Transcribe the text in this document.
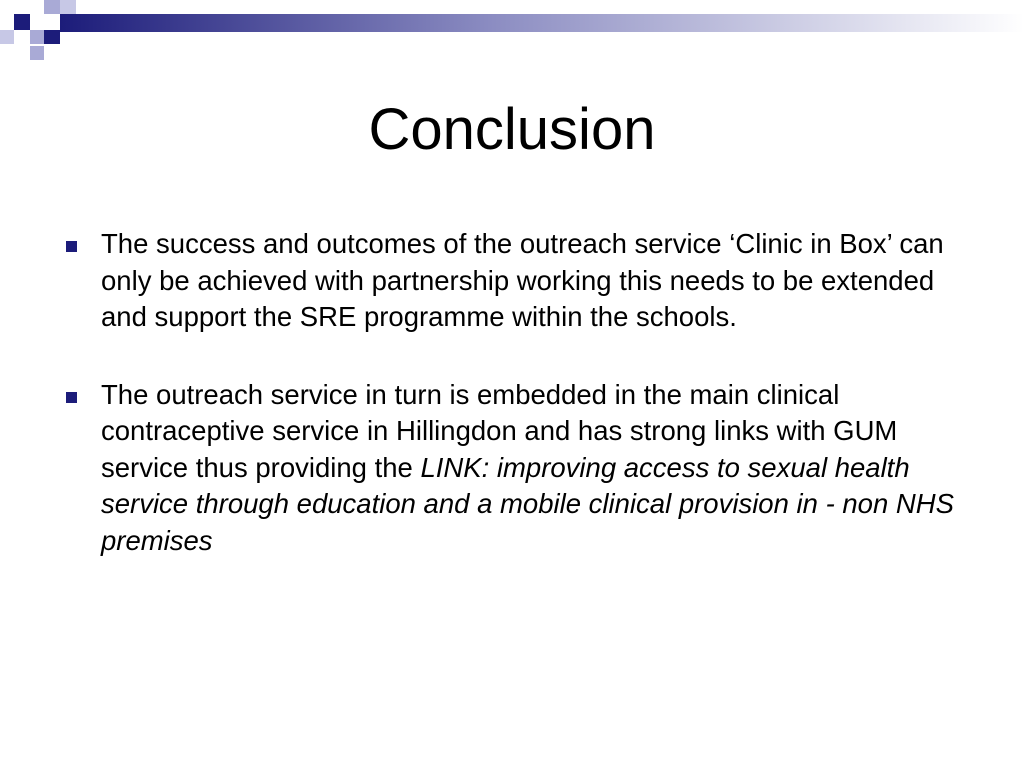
Conclusion
The success and outcomes of the outreach service ‘Clinic in Box’ can only be achieved with partnership working this needs to be extended and support the SRE programme within the schools.
The outreach service in turn is embedded in the main clinical contraceptive service in Hillingdon and has strong links with GUM service thus providing the LINK: improving access to sexual health service through education and a mobile clinical provision in - non NHS premises
